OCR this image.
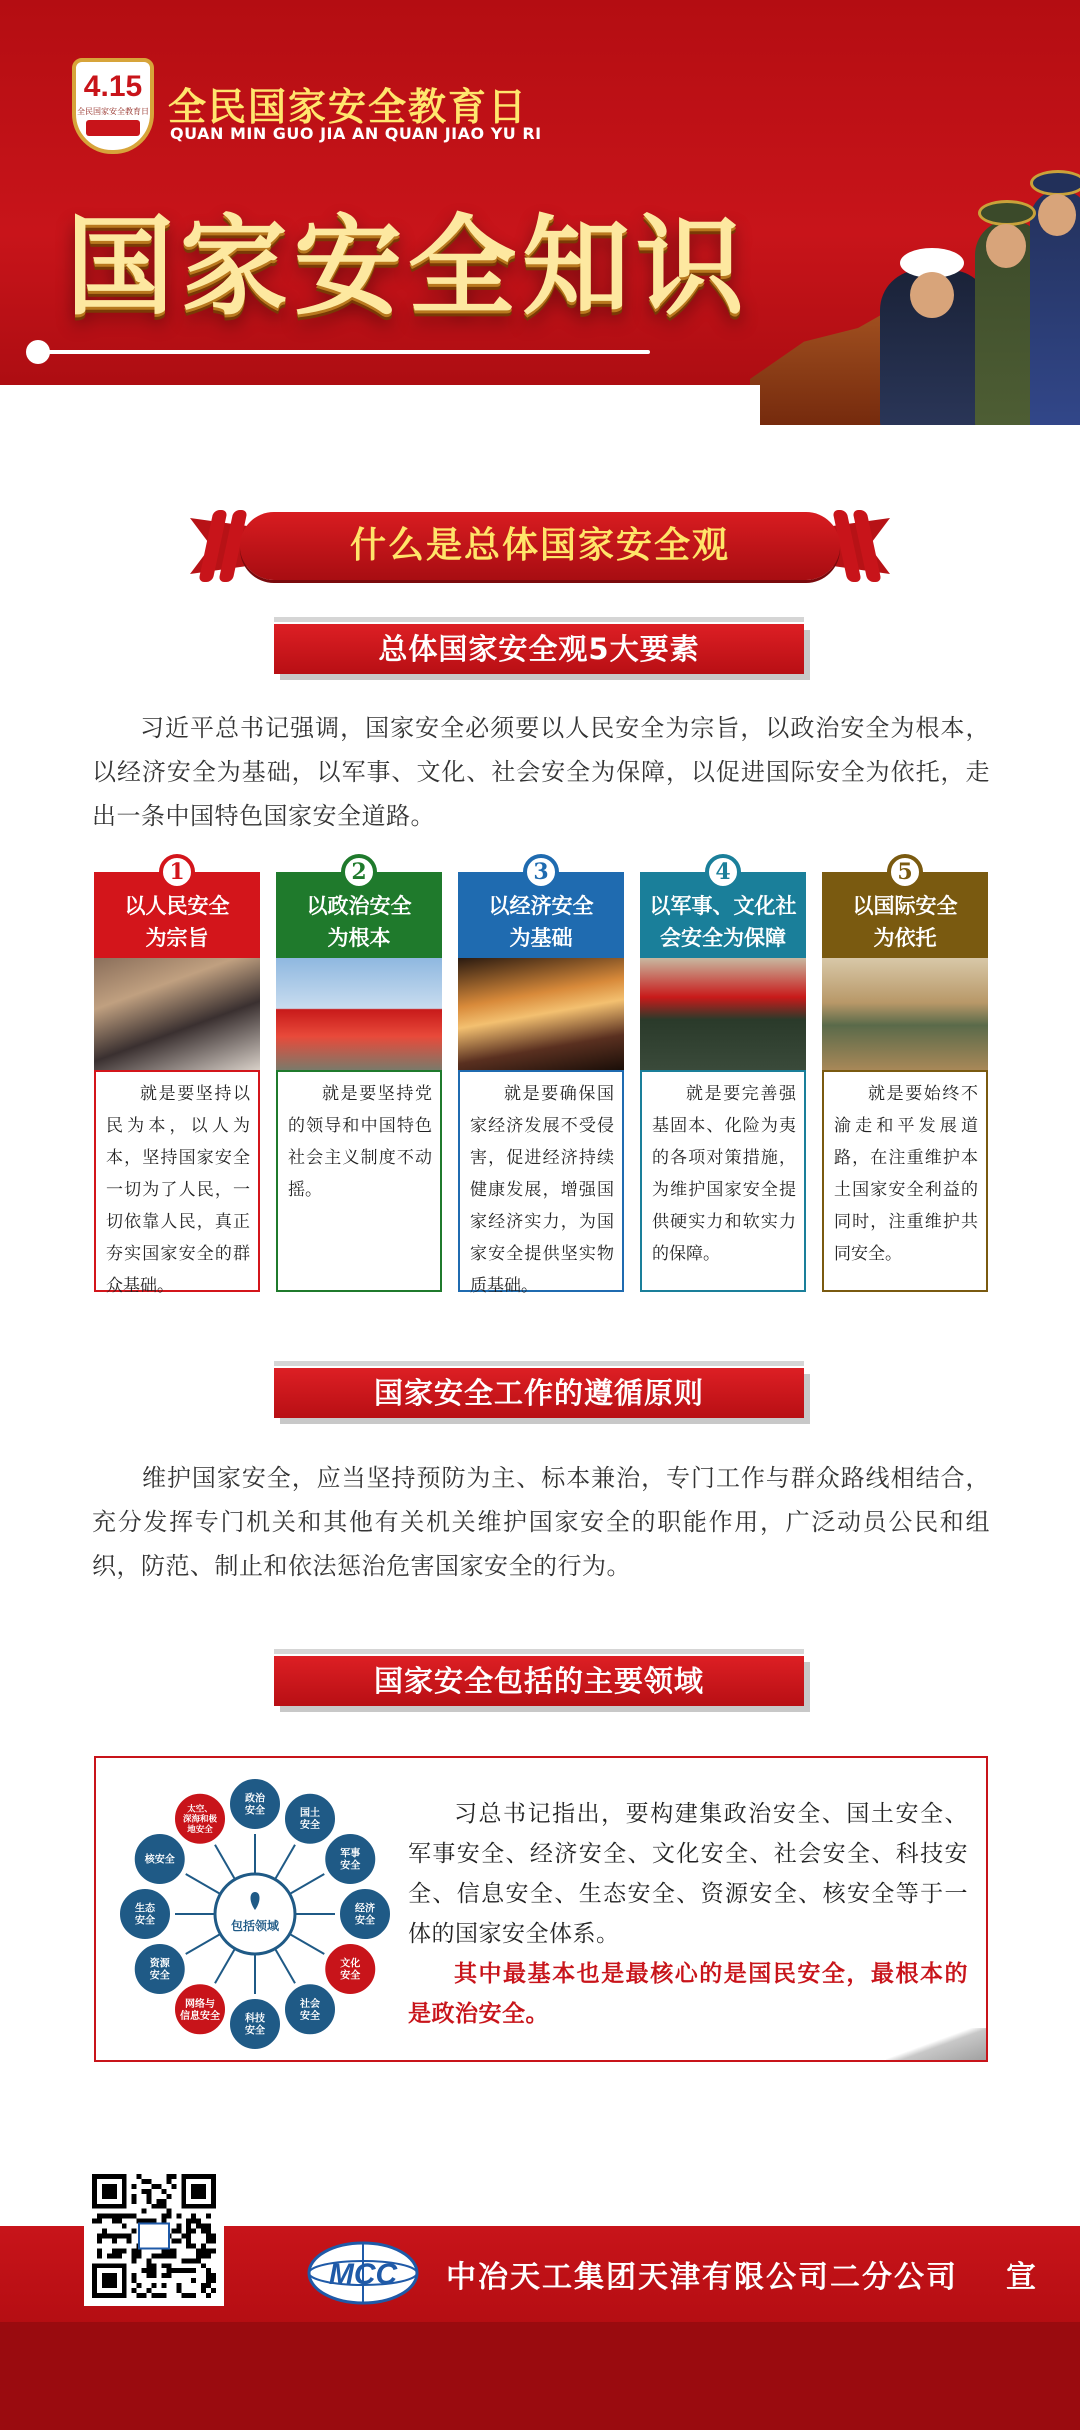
4.15
全民国家安全教育日 全民国家安全教育日
QUAN MIN GUO JIA AN QUAN JIAO YU RI
国家安全知识
什么是总体国家安全观
总体国家安全观5大要素
习近平总书记强调，国家安全必须要以人民安全为宗旨，以政治安全为根本，以经济安全为基础，以军事、文化、社会安全为保障，以促进国际安全为依托，走出一条中国特色国家安全道路。
1
以人民安全为宗旨
就是要坚持以民为本，以人为本，坚持国家安全一切为了人民，一切依靠人民，真正夯实国家安全的群众基础。
2
以政治安全为根本
就是要坚持党的领导和中国特色社会主义制度不动摇。
3
以经济安全为基础
就是要确保国家经济发展不受侵害，促进经济持续健康发展，增强国家经济实力，为国家安全提供坚实物质基础。
4
以军事、文化社会安全为保障
就是要完善强基固本、化险为夷的各项对策措施，为维护国家安全提供硬实力和软实力的保障。
5
以国际安全为依托
就是要始终不渝走和平发展道路，在注重维护本土国家安全利益的同时，注重维护共同安全。
国家安全工作的遵循原则
维护国家安全，应当坚持预防为主、标本兼治，专门工作与群众路线相结合，充分发挥专门机关和其他有关机关维护国家安全的职能作用，广泛动员公民和组织，防范、制止和依法惩治危害国家安全的行为。
国家安全包括的主要领域
政治安全	国土安全
军事安全
经济安全
文化安全
社会安全
科技安全
网络与信息安全
资源安全
生态安全
核安全
太空、深海和极地安全
包括领域
习总书记指出，要构建集政治安全、国土安全、军事安全、经济安全、文化安全、社会安全、科技安全、信息安全、生态安全、资源安全、核安全等于一体的国家安全体系。
其中最基本也是最核心的是国民安全，最根本的是政治安全。
MCC 中冶天工集团天津有限公司二分公司 宣
